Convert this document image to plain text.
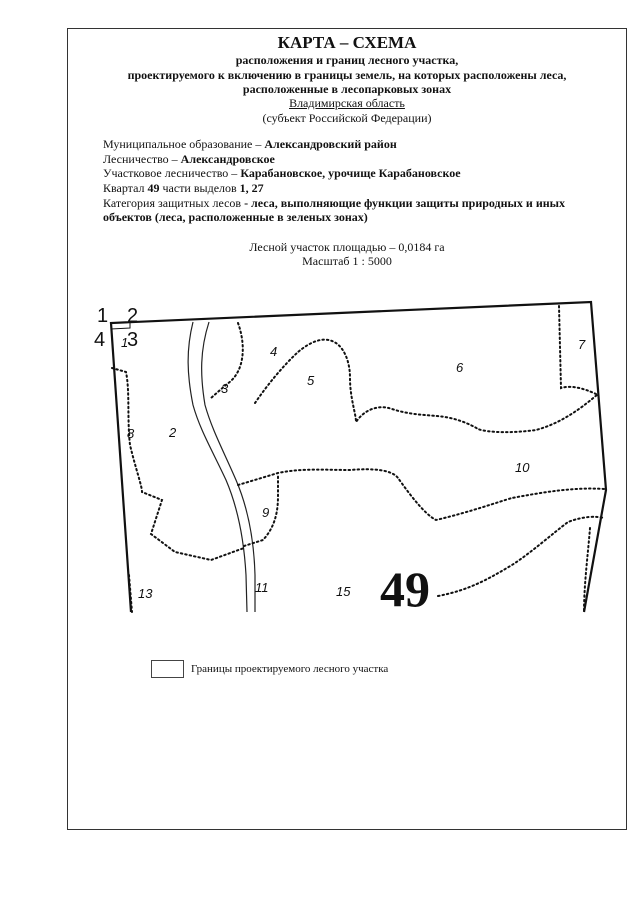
КАРТА – СХЕМА
расположения и границ лесного участка,
проектируемого к включению в границы земель, на которых расположены леса,
расположенные в лесопарковых зонах
Владимирская область
(субъект Российской Федерации)
Муниципальное образование – Александровский район
Лесничество – Александровское
Участковое лесничество – Карабановское, урочище Карабановское
Квартал 49 части выделов 1, 27
Категория защитных лесов - леса, выполняющие функции защиты природных и иных
объектов (леса, расположенные в зеленых зонах)
Лесной участок площадью – 0,0184 га
Масштаб 1 : 5000
1 2
3
4 1
2
3
4
5
6
7
8
9
10
11
13	15 49
Границы проектируемого лесного участка
